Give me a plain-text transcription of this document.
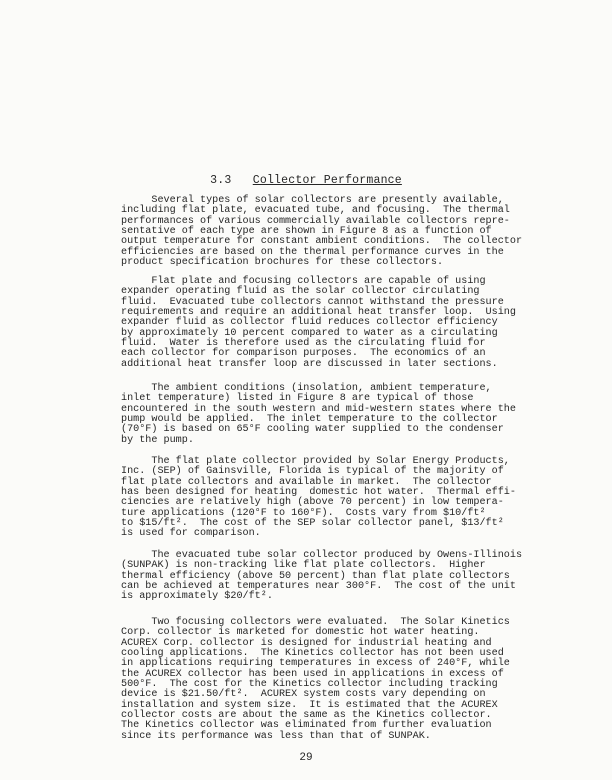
3.3 Collector Performance
Several types of solar collectors are presently available,
including flat plate, evacuated tube, and focusing.  The thermal
performances of various commercially available collectors repre-
sentative of each type are shown in Figure 8 as a function of
output temperature for constant ambient conditions.  The collector
efficiencies are based on the thermal performance curves in the
product specification brochures for these collectors.
Flat plate and focusing collectors are capable of using
expander operating fluid as the solar collector circulating
fluid.  Evacuated tube collectors cannot withstand the pressure
requirements and require an additional heat transfer loop.  Using
expander fluid as collector fluid reduces collector efficiency
by approximately 10 percent compared to water as a circulating
fluid.  Water is therefore used as the circulating fluid for
each collector for comparison purposes.  The economics of an
additional heat transfer loop are discussed in later sections.
The ambient conditions (insolation, ambient temperature,
inlet temperature) listed in Figure 8 are typical of those
encountered in the south western and mid-western states where the
pump would be applied.  The inlet temperature to the collector
(70°F) is based on 65°F cooling water supplied to the condenser
by the pump.
The flat plate collector provided by Solar Energy Products,
Inc. (SEP) of Gainsville, Florida is typical of the majority of
flat plate collectors and available in market.  The collector
has been designed for heating  domestic hot water.  Thermal effi-
ciencies are relatively high (above 70 percent) in low tempera-
ture applications (120°F to 160°F).  Costs vary from $10/ft²
to $15/ft².  The cost of the SEP solar collector panel, $13/ft²
is used for comparison.
The evacuated tube solar collector produced by Owens-Illinois
(SUNPAK) is non-tracking like flat plate collectors.  Higher
thermal efficiency (above 50 percent) than flat plate collectors
can be achieved at temperatures near 300°F.  The cost of the unit
is approximately $20/ft².
Two focusing collectors were evaluated.  The Solar Kinetics
Corp. collector is marketed for domestic hot water heating.
ACUREX Corp. collector is designed for industrial heating and
cooling applications.  The Kinetics collector has not been used
in applications requiring temperatures in excess of 240°F, while
the ACUREX collector has been used in applications in excess of
500°F.  The cost for the Kinetics collector including tracking
device is $21.50/ft².  ACUREX system costs vary depending on
installation and system size.  It is estimated that the ACUREX
collector costs are about the same as the Kinetics collector.
The Kinetics collector was eliminated from further evaluation
since its performance was less than that of SUNPAK.
29
